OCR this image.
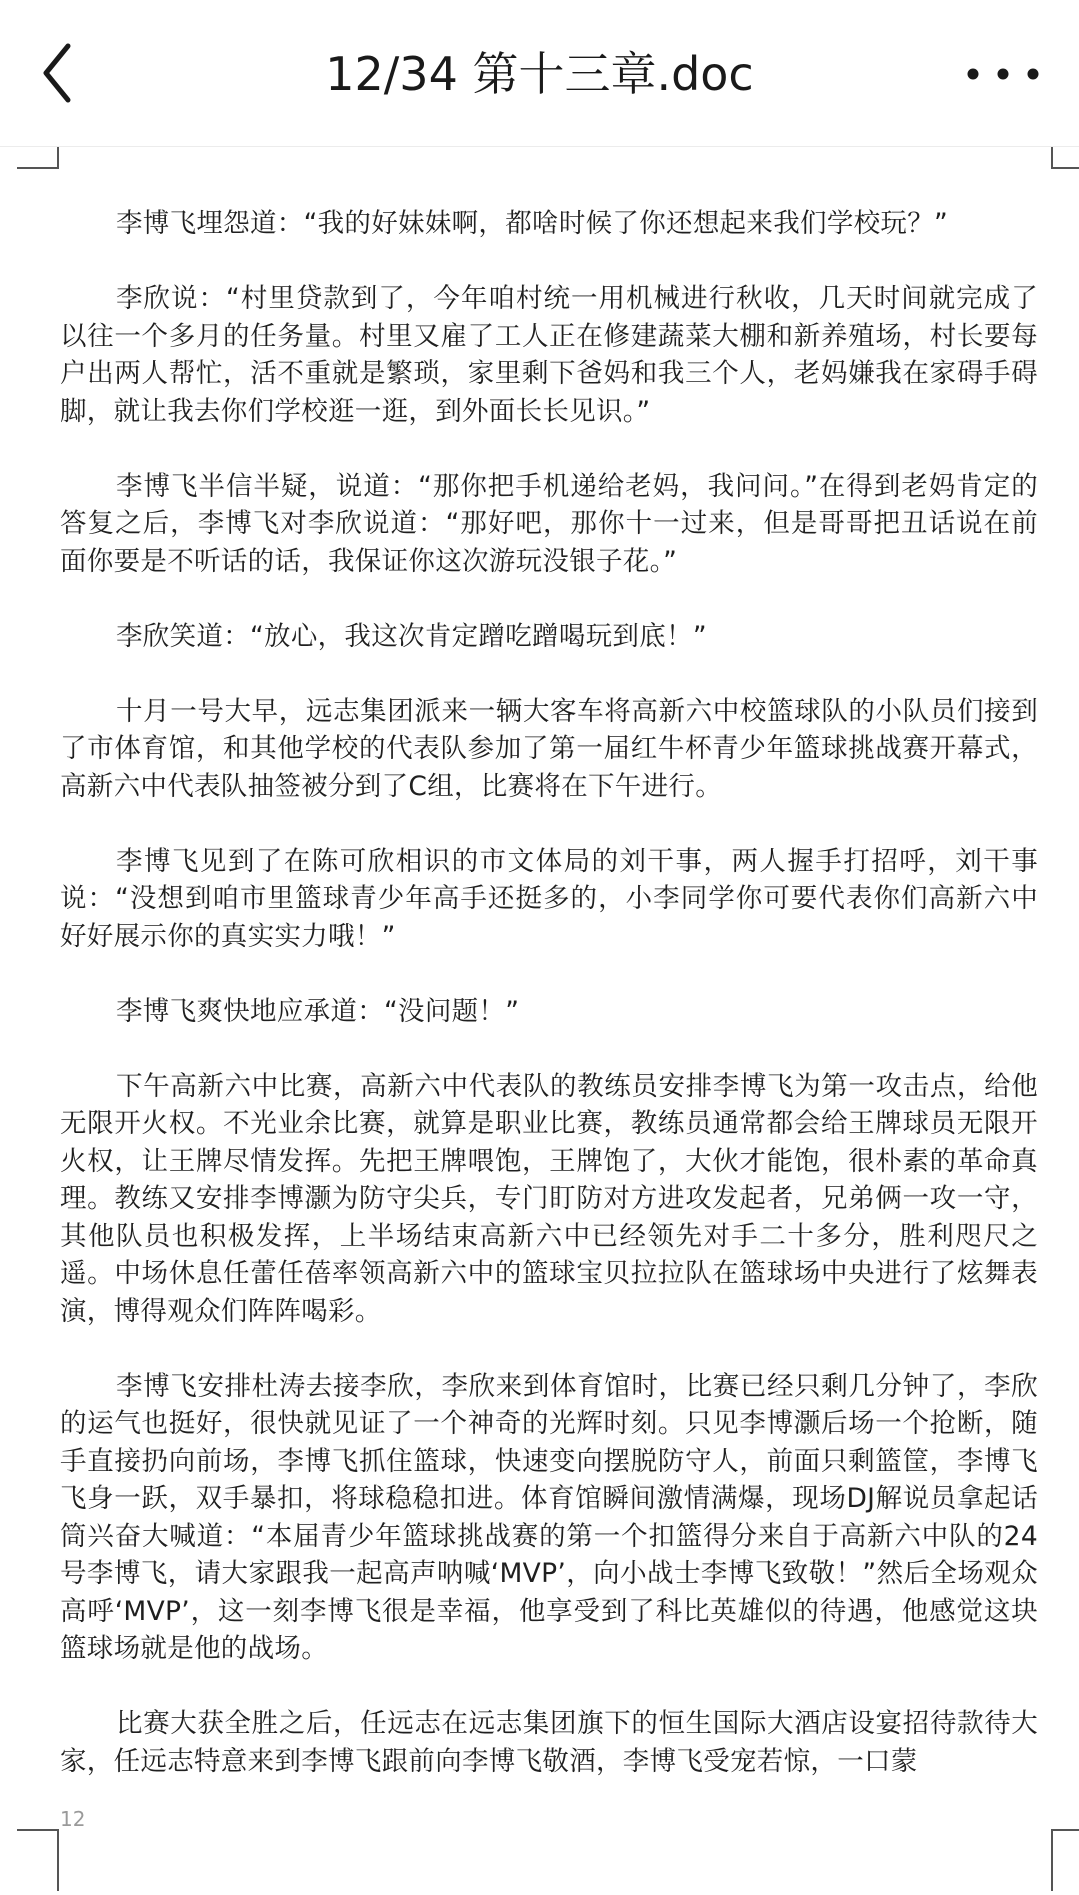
12/34 第十三章.doc

李博飞埋怨道：“我的好妹妹啊，都啥时候了你还想起来我们学校玩？”

李欣说：“村里贷款到了，今年咱村统一用机械进行秋收，几天时间就完成了以往一个多月的任务量。村里又雇了工人正在修建蔬菜大棚和新养殖场，村长要每户出两人帮忙，活不重就是繁琐，家里剩下爸妈和我三个人，老妈嫌我在家碍手碍脚，就让我去你们学校逛一逛，到外面长长见识。”

李博飞半信半疑，说道：“那你把手机递给老妈，我问问。”在得到老妈肯定的答复之后，李博飞对李欣说道：“那好吧，那你十一过来，但是哥哥把丑话说在前面你要是不听话的话，我保证你这次游玩没银子花。”

李欣笑道：“放心，我这次肯定蹭吃蹭喝玩到底！”

十月一号大早，远志集团派来一辆大客车将高新六中校篮球队的小队员们接到了市体育馆，和其他学校的代表队参加了第一届红牛杯青少年篮球挑战赛开幕式，高新六中代表队抽签被分到了C组，比赛将在下午进行。

李博飞见到了在陈可欣相识的市文体局的刘干事，两人握手打招呼，刘干事说：“没想到咱市里篮球青少年高手还挺多的，小李同学你可要代表你们高新六中好好展示你的真实实力哦！”

李博飞爽快地应承道：“没问题！”

下午高新六中比赛，高新六中代表队的教练员安排李博飞为第一攻击点，给他无限开火权。不光业余比赛，就算是职业比赛，教练员通常都会给王牌球员无限开火权，让王牌尽情发挥。先把王牌喂饱，王牌饱了，大伙才能饱，很朴素的革命真理。教练又安排李博灏为防守尖兵，专门盯防对方进攻发起者，兄弟俩一攻一守，其他队员也积极发挥，上半场结束高新六中已经领先对手二十多分，胜利咫尺之遥。中场休息任蕾任蓓率领高新六中的篮球宝贝拉拉队在篮球场中央进行了炫舞表演，博得观众们阵阵喝彩。

李博飞安排杜涛去接李欣，李欣来到体育馆时，比赛已经只剩几分钟了，李欣的运气也挺好，很快就见证了一个神奇的光辉时刻。只见李博灏后场一个抢断，随手直接扔向前场，李博飞抓住篮球，快速变向摆脱防守人，前面只剩篮筐，李博飞飞身一跃，双手暴扣，将球稳稳扣进。体育馆瞬间激情满爆，现场DJ解说员拿起话筒兴奋大喊道：“本届青少年篮球挑战赛的第一个扣篮得分来自于高新六中队的24号李博飞，请大家跟我一起高声呐喊‘MVP’，向小战士李博飞致敬！”然后全场观众高呼‘MVP’，这一刻李博飞很是幸福，他享受到了科比英雄似的待遇，他感觉这块篮球场就是他的战场。

比赛大获全胜之后，任远志在远志集团旗下的恒生国际大酒店设宴招待款待大家，任远志特意来到李博飞跟前向李博飞敬酒，李博飞受宠若惊，一口蒙

12
